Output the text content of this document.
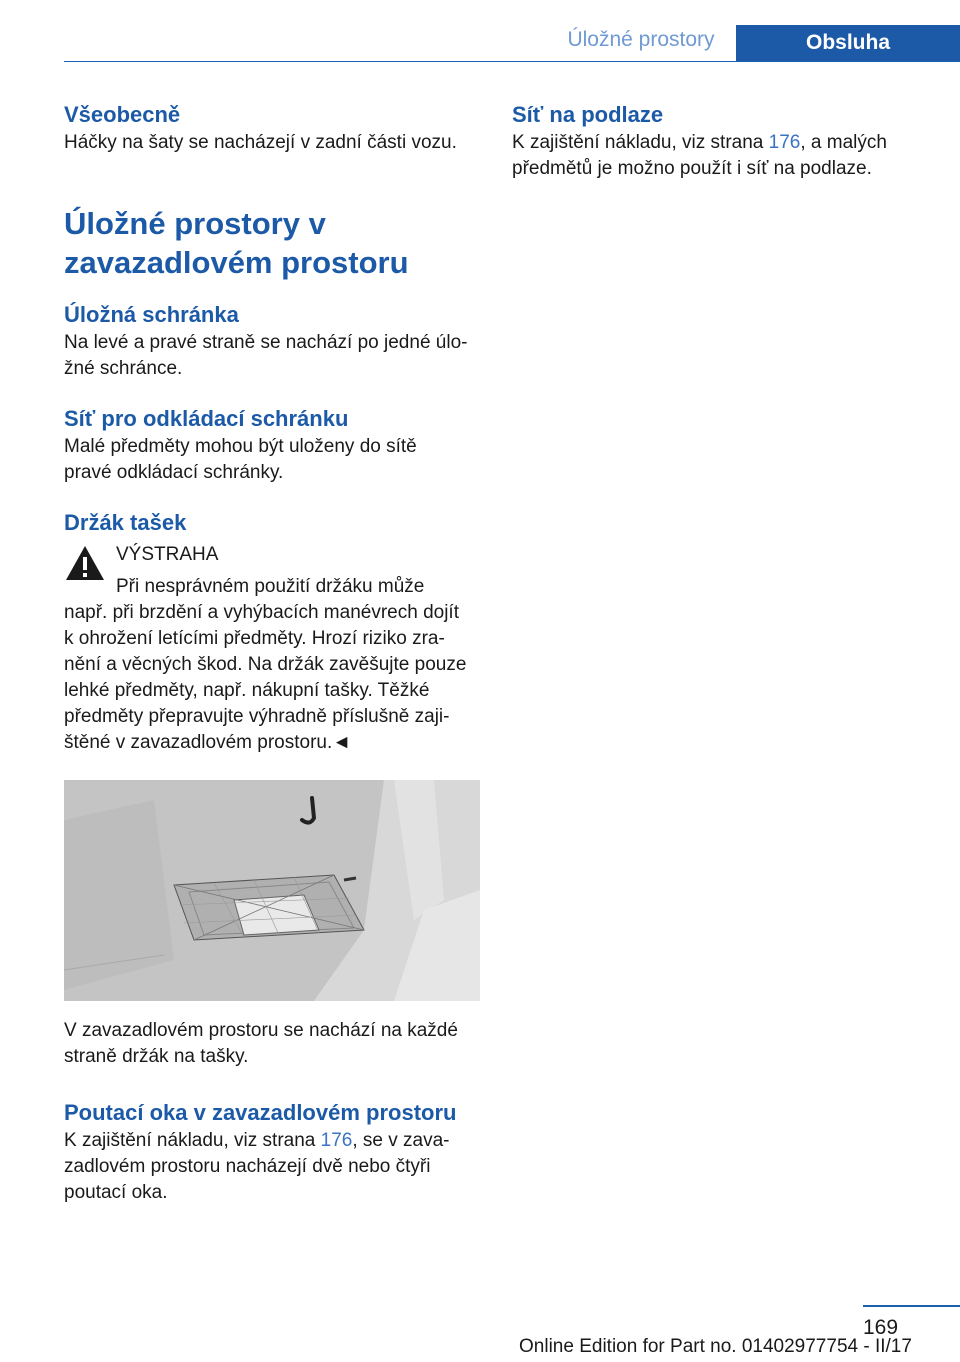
Úložné prostory	Obsluha
Všeobecně
Háčky na šaty se nacházejí v zadní části vozu.
Úložné prostory v
zavazadlovém prostoru
Úložná schránka
Na levé a pravé straně se nachází po jedné úlo-
žné schránce.
Síť pro odkládací schránku
Malé předměty mohou být uloženy do sítě
pravé odkládací schránky.
Držák tašek
VÝSTRAHA
Při nesprávném použití držáku může
např. při brzdění a vyhýbacích manévrech dojít
k ohrožení letícími předměty. Hrozí riziko zra-
nění a věcných škod. Na držák zavěšujte pouze
lehké předměty, např. nákupní tašky. Těžké
předměty přepravujte výhradně příslušně zaji-
štěné v zavazadlovém prostoru.◄
V zavazadlovém prostoru se nachází na každé
straně držák na tašky.
Poutací oka v zavazadlovém prostoru
K zajištění nákladu, viz strana 176, se v zava-
zadlovém prostoru nacházejí dvě nebo čtyři
poutací oka.
Síť na podlaze
K zajištění nákladu, viz strana 176, a malých
předmětů je možno použít i síť na podlaze.
169
Online Edition for Part no. 01402977754 - II/17
